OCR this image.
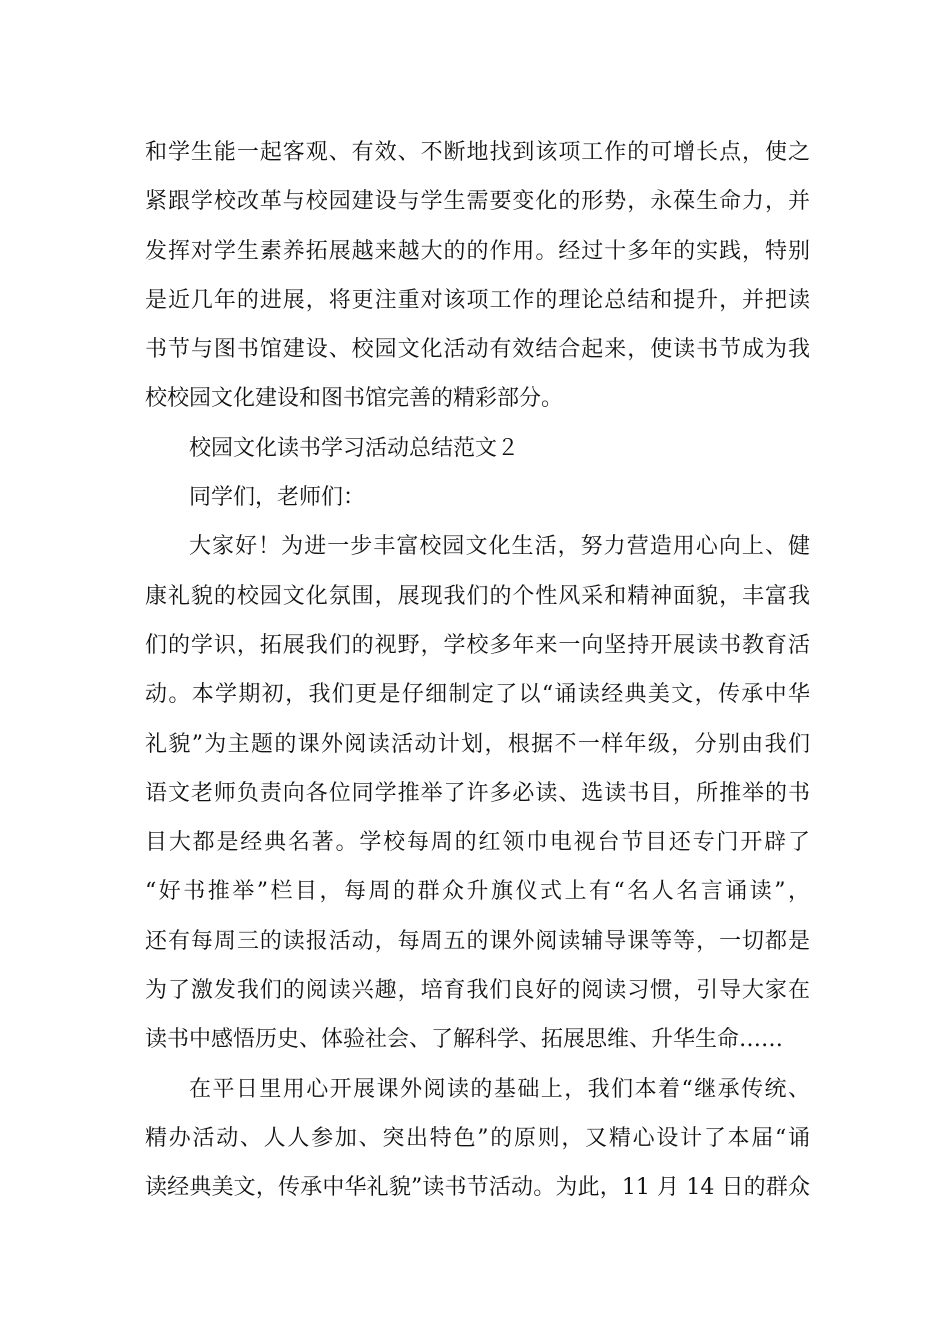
和学生能一起客观、有效、不断地找到该项工作的可增长点，使之
紧跟学校改革与校园建设与学生需要变化的形势，永葆生命力，并
发挥对学生素养拓展越来越大的的作用。经过十多年的实践，特别
是近几年的进展，将更注重对该项工作的理论总结和提升，并把读
书节与图书馆建设、校园文化活动有效结合起来，使读书节成为我
校校园文化建设和图书馆完善的精彩部分。
校园文化读书学习活动总结范文２
同学们，老师们：
大家好！为进一步丰富校园文化生活，努力营造用心向上、健
康礼貌的校园文化氛围，展现我们的个性风采和精神面貌，丰富我
们的学识，拓展我们的视野，学校多年来一向坚持开展读书教育活
动。本学期初，我们更是仔细制定了以“诵读经典美文，传承中华
礼貌”为主题的课外阅读活动计划，根据不一样年级，分别由我们
语文老师负责向各位同学推举了许多必读、选读书目，所推举的书
目大都是经典名著。学校每周的红领巾电视台节目还专门开辟了
“好书推举”栏目，每周的群众升旗仪式上有“名人名言诵读”，
还有每周三的读报活动，每周五的课外阅读辅导课等等，一切都是
为了激发我们的阅读兴趣，培育我们良好的阅读习惯，引导大家在
读书中感悟历史、体验社会、了解科学、拓展思维、升华生命……
在平日里用心开展课外阅读的基础上，我们本着“继承传统、
精办活动、人人参加、突出特色”的原则，又精心设计了本届“诵
读经典美文，传承中华礼貌”读书节活动。为此，11 月 14 日的群众
